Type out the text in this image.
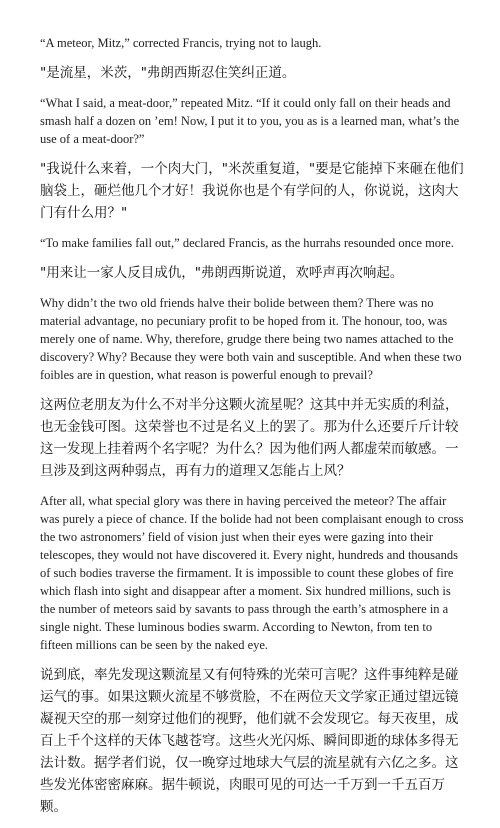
“A meteor, Mitz,” corrected Francis, trying not to laugh.

"是流星，米茨，"弗朗西斯忍住笑纠正道。

“What I said, a meat-door,” repeated Mitz. “If it could only fall on their heads and smash half a dozen on ’em! Now, I put it to you, you as is a learned man, what’s the use of a meat-door?”

"我说什么来着，一个肉大门，"米茨重复道，"要是它能掉下来砸在他们脑袋上，砸烂他几个才好！我说你也是个有学问的人，你说说，这肉大门有什么用？"

“To make families fall out,” declared Francis, as the hurrahs resounded once more.

"用来让一家人反目成仇，"弗朗西斯说道，欢呼声再次响起。

Why didn’t the two old friends halve their bolide between them? There was no material advantage, no pecuniary profit to be hoped from it. The honour, too, was merely one of name. Why, therefore, grudge there being two names attached to the discovery? Why? Because they were both vain and susceptible. And when these two foibles are in question, what reason is powerful enough to prevail?

这两位老朋友为什么不对半分这颗火流星呢？这其中并无实质的利益，也无金钱可图。这荣誉也不过是名义上的罢了。那为什么还要斤斤计较这一发现上挂着两个名字呢？为什么？因为他们两人都虚荣而敏感。一旦涉及到这两种弱点，再有力的道理又怎能占上风？

After all, what special glory was there in having perceived the meteor? The affair was purely a piece of chance. If the bolide had not been complaisant enough to cross the two astronomers’ field of vision just when their eyes were gazing into their telescopes, they would not have discovered it. Every night, hundreds and thousands of such bodies traverse the firmament. It is impossible to count these globes of fire which flash into sight and disappear after a moment. Six hundred millions, such is the number of meteors said by savants to pass through the earth’s atmosphere in a single night. These luminous bodies swarm. According to Newton, from ten to fifteen millions can be seen by the naked eye.

说到底，率先发现这颗流星又有何特殊的光荣可言呢？这件事纯粹是碰运气的事。如果这颗火流星不够赏脸，不在两位天文学家正通过望远镜凝视天空的那一刻穿过他们的视野，他们就不会发现它。每天夜里，成百上千个这样的天体飞越苍穹。这些火光闪烁、瞬间即逝的球体多得无法计数。据学者们说，仅一晚穿过地球大气层的流星就有六亿之多。这些发光体密密麻麻。据牛顿说，肉眼可见的可达一千万到一千五百万颗。
